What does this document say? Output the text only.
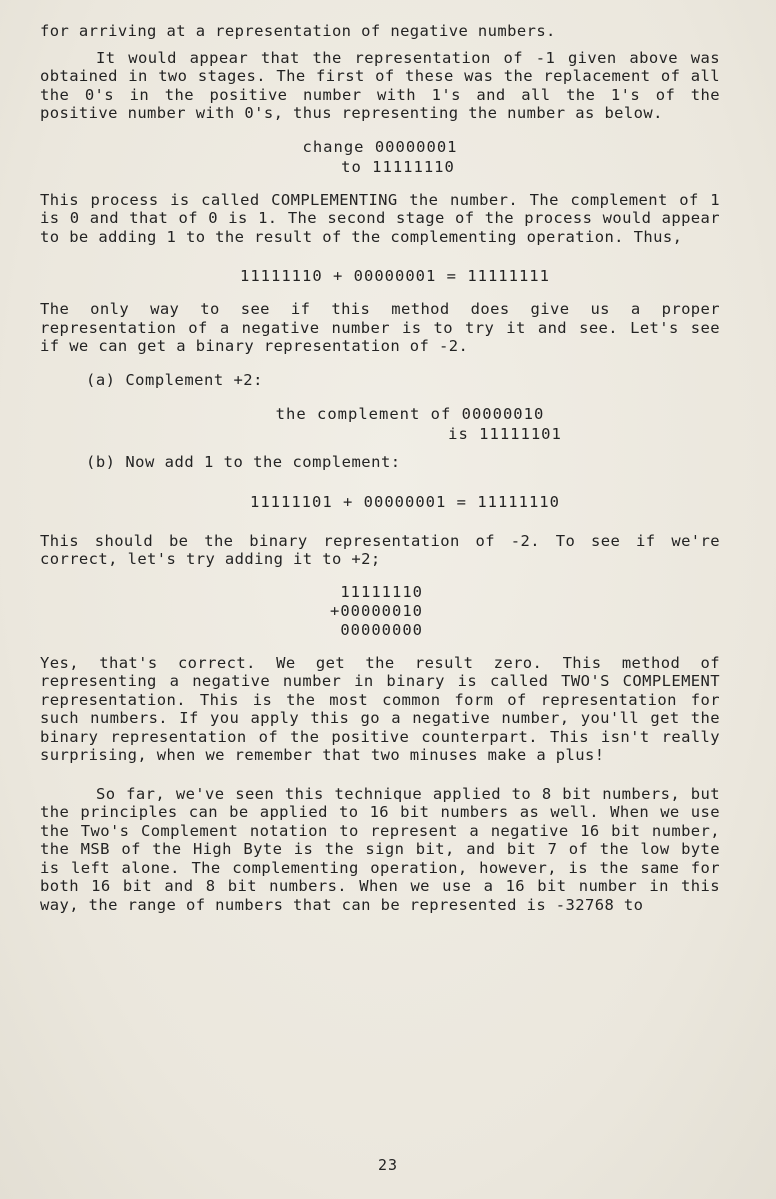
for arriving at a representation of negative numbers.

It would appear that the representation of -1 given above was obtained in two stages. The first of these was the replacement of all the 0's in the positive number with 1's and all the 1's of the positive number with 0's, thus representing the number as below.

change 00000001

to 11111110

This process is called COMPLEMENTING the number. The complement of 1 is 0 and that of 0 is 1. The second stage of the process would appear to be adding 1 to the result of the complementing operation. Thus,

11111110 + 00000001 = 11111111

The only way to see if this method does give us a proper representation of a negative number is to try it and see. Let's see if we can get a binary representation of -2.

(a) Complement +2:

the complement of 00000010

is 11111101

(b) Now add 1 to the complement:

11111101 + 00000001 = 11111110

This should be the binary representation of -2. To see if we're correct, let's try adding it to +2;

11111110

+00000010

00000000

Yes, that's correct. We get the result zero. This method of representing a negative number in binary is called TWO'S COMPLEMENT representation. This is the most common form of representation for such numbers. If you apply this go a negative number, you'll get the binary representation of the positive counterpart. This isn't really surprising, when we remember that two minuses make a plus!

So far, we've seen this technique applied to 8 bit numbers, but the principles can be applied to 16 bit numbers as well. When we use the Two's Complement notation to represent a negative 16 bit number, the MSB of the High Byte is the sign bit, and bit 7 of the low byte is left alone. The complementing operation, however, is the same for both 16 bit and 8 bit numbers. When we use a 16 bit number in this way, the range of numbers that can be represented is -32768 to

23
